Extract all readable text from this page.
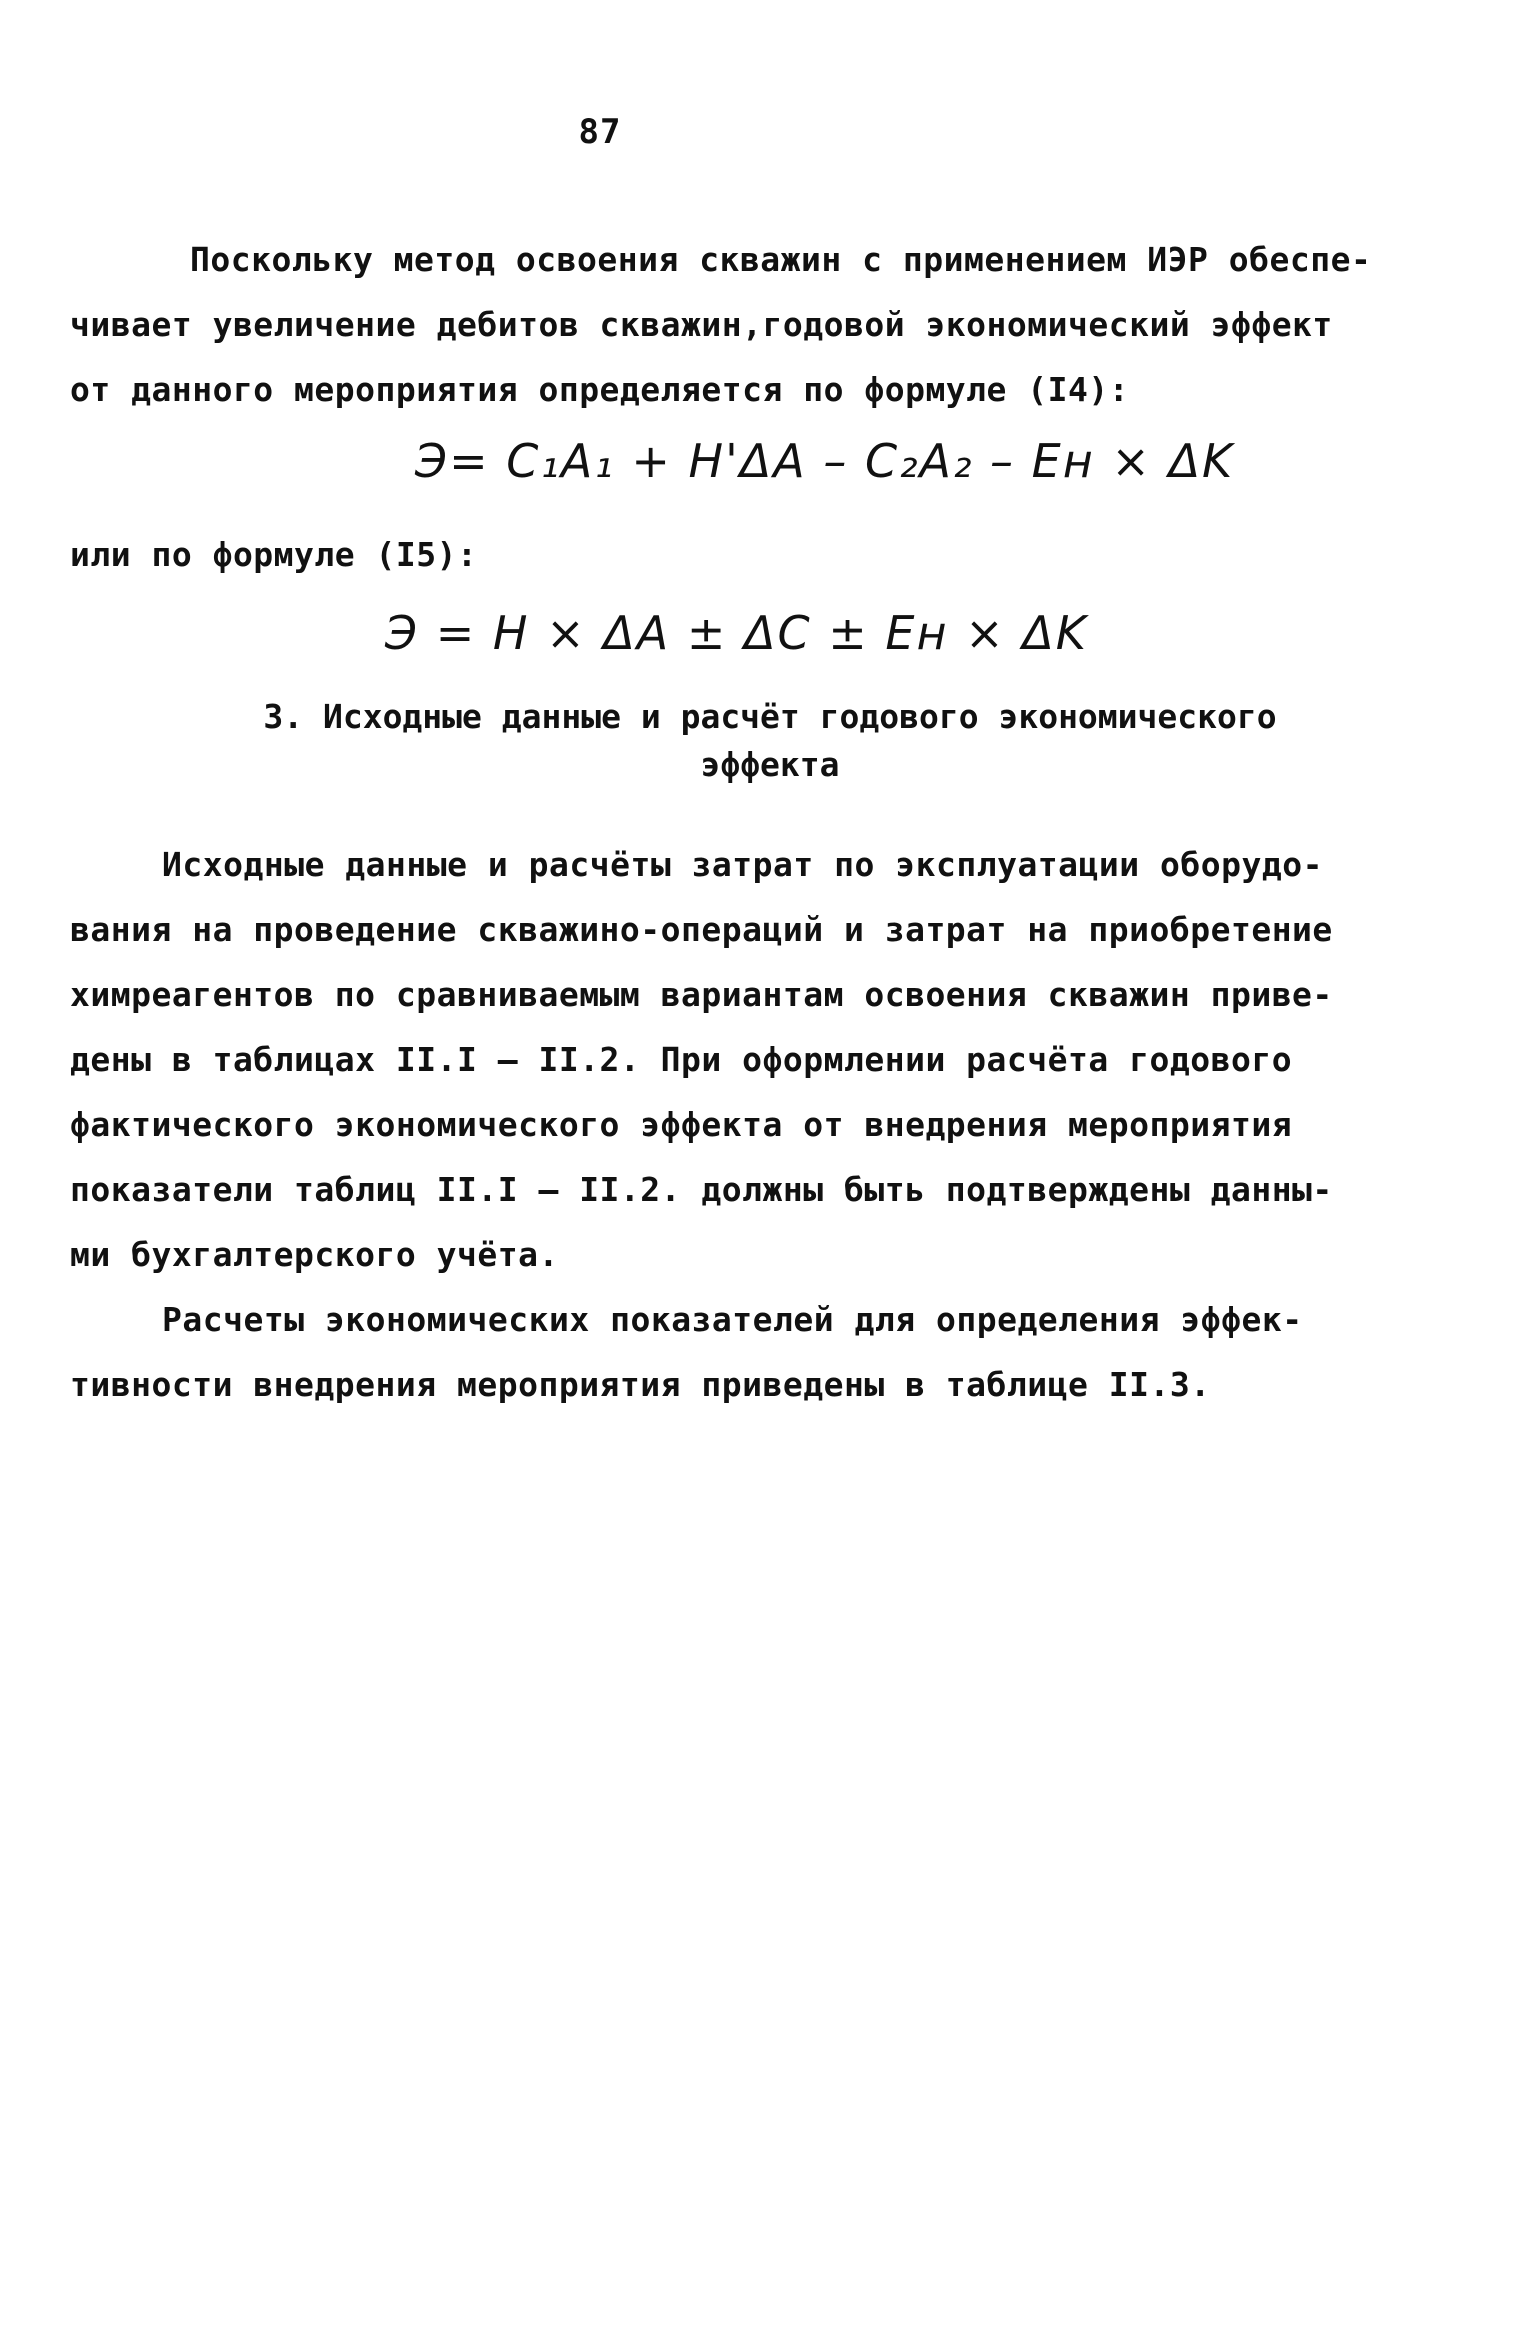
87
Поскольку метод освоения скважин с применением ИЭР обеспе-
чивает увеличение дебитов скважин,годовой экономический эффект
от данного мероприятия определяется по формуле (I4):
Э= C₁A₁ + H'ΔA – C₂A₂ – Eн × ΔK
или по формуле (I5):
Э = H × ΔA ± ΔC ± Eн × ΔK
3. Исходные данные и расчёт годового экономического
эффекта
Исходные данные и расчёты затрат по эксплуатации оборудо-
вания на проведение скважино-операций и затрат на приобретение
химреагентов по сравниваемым вариантам освоения скважин приве-
дены в таблицах II.I – II.2. При оформлении расчёта годового
фактического экономического эффекта от внедрения мероприятия
показатели таблиц II.I – II.2. должны быть подтверждены данны-
ми бухгалтерского учёта.
Расчеты экономических показателей для определения эффек-
тивности внедрения мероприятия приведены в таблице II.3.
